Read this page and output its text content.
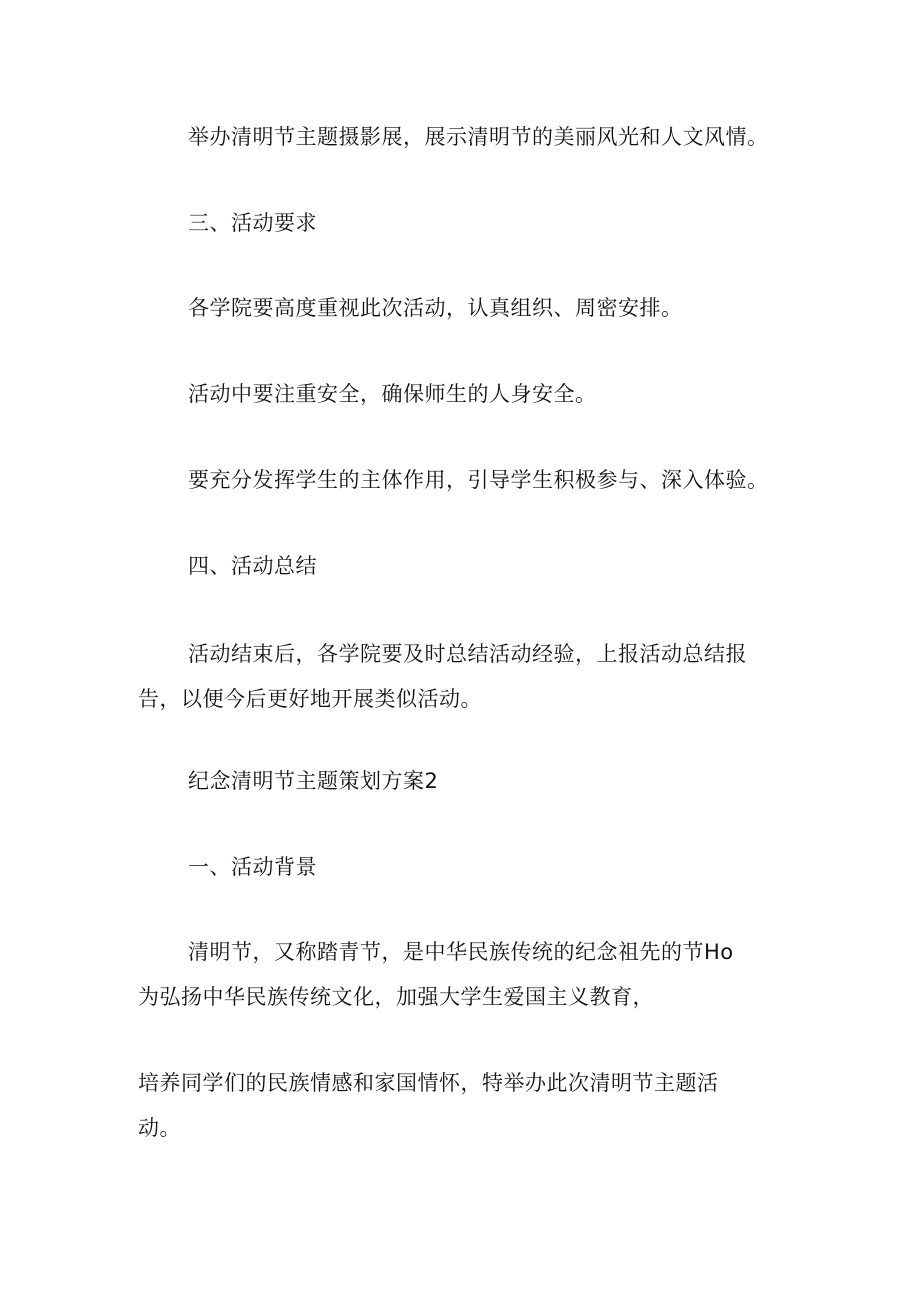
举办清明节主题摄影展，展示清明节的美丽风光和人文风情。
三、活动要求
各学院要高度重视此次活动，认真组织、周密安排。
活动中要注重安全，确保师生的人身安全。
要充分发挥学生的主体作用，引导学生积极参与、深入体验。
四、活动总结
活动结束后，各学院要及时总结活动经验，上报活动总结报
告，以便今后更好地开展类似活动。
纪念清明节主题策划方案2
一、活动背景
清明节，又称踏青节，是中华民族传统的纪念祖先的节Ho
为弘扬中华民族传统文化，加强大学生爱国主义教育，
培养同学们的民族情感和家国情怀，特举办此次清明节主题活
动。
